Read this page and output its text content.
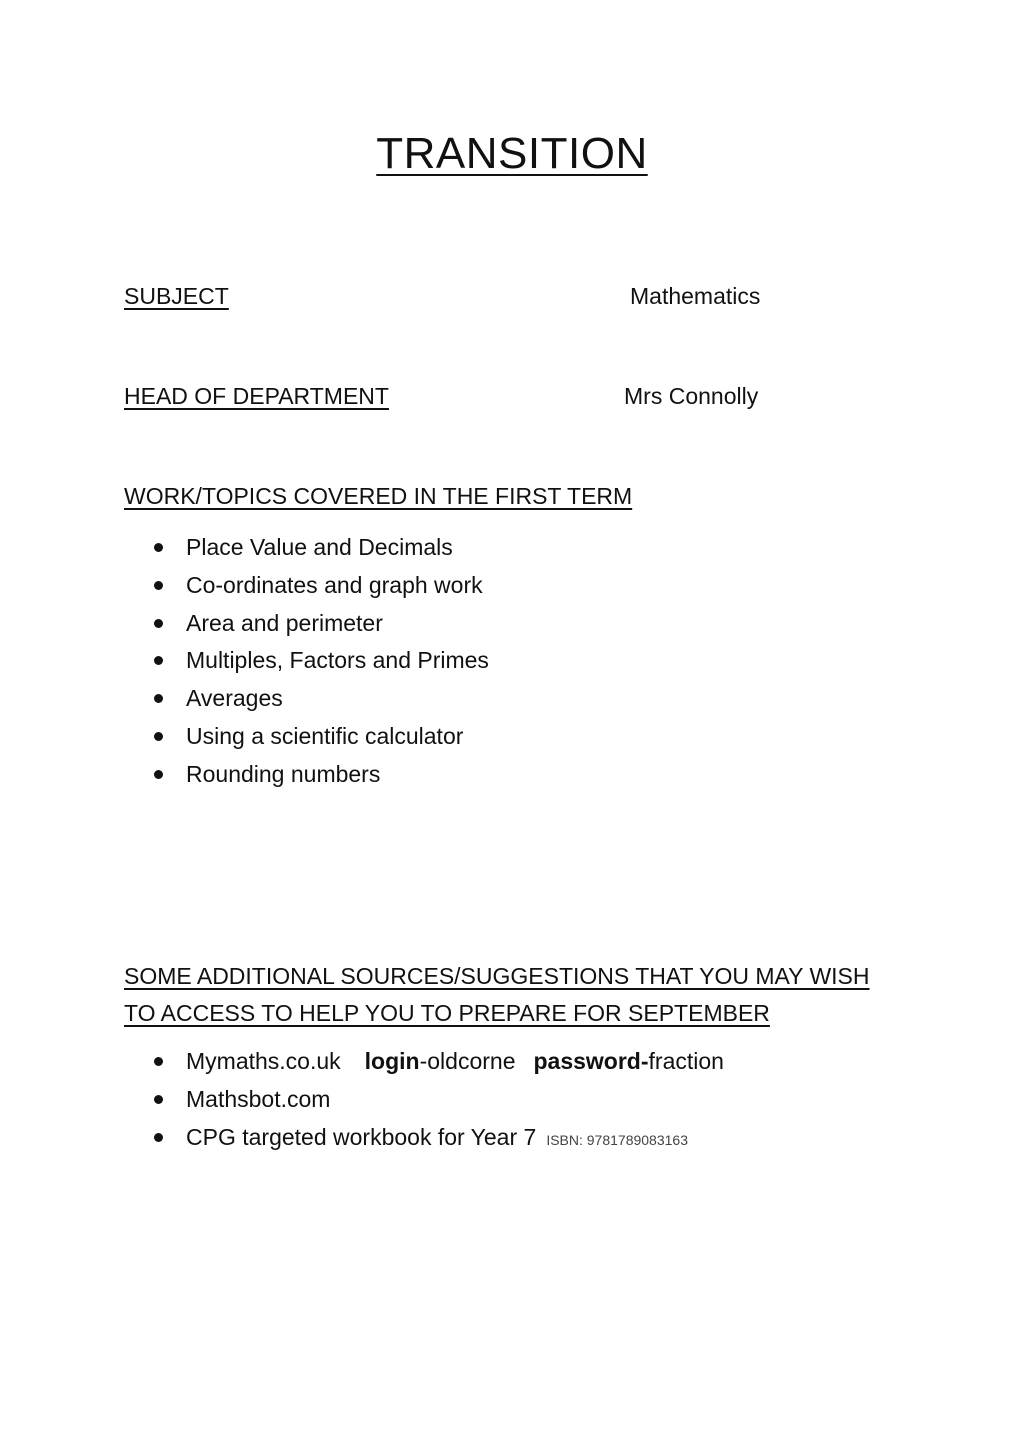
TRANSITION
SUBJECT	Mathematics
HEAD OF DEPARTMENT	Mrs Connolly
WORK/TOPICS COVERED IN THE FIRST TERM
Place Value and Decimals
Co-ordinates and graph work
Area and perimeter
Multiples, Factors and Primes
Averages
Using a scientific calculator
Rounding numbers
SOME ADDITIONAL SOURCES/SUGGESTIONS THAT YOU MAY WISH
TO ACCESS TO HELP YOU TO PREPARE FOR SEPTEMBER
Mymaths.co.uk login-oldcorne password-fraction
Mathsbot.com
CPG targeted workbook for Year 7 ISBN: 9781789083163
